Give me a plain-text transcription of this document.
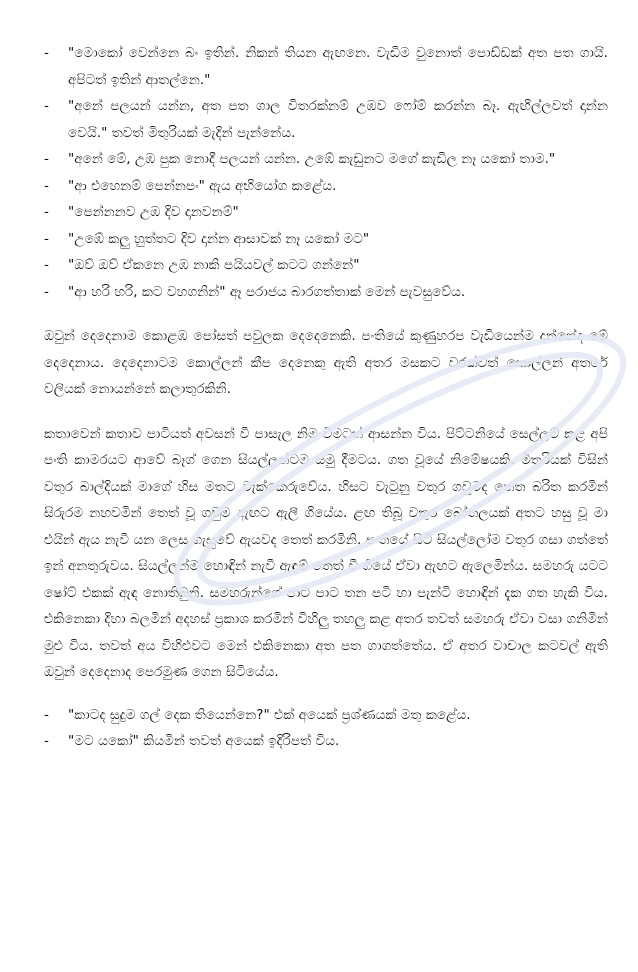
- "මොකෝ වෙන්නෙ බං ඉතින්. නිකන් තියන ඇඟනෙ. වැඩිම වුනොත් පොඩ්ඩක් අත පත ගායි. අපිටත් ඉතින් ආතල්නෙ."
- "අනේ පලයන් යන්න, අත පත ගාල විතරක්නම් උඹව ෆෝම් කරන්න බෑ. ඇඟිල්ලවත් දාන්න වෙයි." තවත් මිතුරියක් මැදින් පැන්නේය.
- "අනේ මේ, උඹ පුක නොදී පලයන් යන්න. උඹේ කැඩුනට මගේ කැඩිල නෑ යකෝ තාම."
- "ආ එහෙනම් පෙන්නපං" ඇය අභියෝග කළේය.
- "පෙන්නනව උඹ දිව දානවනම්"
- "උඹේ කලු හුත්තට දිව දාන්න ආසාවක් නෑ යකෝ මට"
- "ඔව් ඔව් ඒකනෙ උඹ නාකි පයියවල් කටට ගන්නේ"
- "ආ හරි හරි, කට වහගනින්" ඈ පරාජය බාරගත්තාක් මෙන් පැවසුවේය.

ඔවුන් දෙදෙනාම කොළඹ පෝසත් පවුලක දෙදෙනෙකි. පංතියේ කුණුහරප වැඩියෙන්ම දන්නේද මේ දෙදෙනාය. දෙදෙනාටම කොල්ලන් කීප දෙනෙකු ඇති අතර මසකට වරක්වත් කොල්ලන් අතරේ වලියක් නොයන්නේ කලාතුරකිනි.

කතාවෙන් කතාව පාටියත් අවසන් වී පාසැල නිම වීමටත් ආසන්න විය. පිට්ටනියේ සෙල්ලම් කළ අපි පංති කාමරයට ආවේ බෑග් ගෙන සියල්ලන්ටම සමු දීමටය. ගත වූයේ නිමේෂයකි. මිතුරියක් විසින් වතුර බාල්දියක් මාගේ හිස මතට වැක්කෙරුවේය. හිසට වැටුනු වතුර ගවුමද තෙත බරිත කරමින් සිරුරම නහවමින් තෙත් වූ ගවුම ඇඟට ඇලී ගියේය. ළඟ තිබූ වතුර බෝතලයක් අතට හසු වූ මා එයින් ඇය නැවී යන ලෙස ගැසුවේ ඇයවද තෙත් කරමිනි. පංතියේ සිටි සියල්ලෝම වතුර ගසා ගත්තේ ඉන් අනතුරුවය. සියල්ලන්ම හොඳින් නැවී ඇඳුම් තෙත් වී ගියේ ඒවා ඇඟට ඇලෙමින්ය. සමහරු යටට ෂෝට් එකක් ඇඳ නොතිබුනි. සමහරුන්ගේ පාට පාට තන පටි හා පැන්ටි හොඳින් දැක ගත හැකි විය. එකිනෙකා දිහා බලමින් අදහස් ප්‍රකාශ කරමින් විහිලු තහලු කළ අතර තවත් සමහරු ඒවා වසා ගනිමින් මුළු විය. තවත් අය විහිළුවට මෙන් එකිනෙකා අත පත ගාගත්තේය. ඒ අතර වාචාල කටවල් ඇති ඔවුන් දෙදෙනාද පෙරමුණ ගෙන සිටියේය.

- "කාටද සුදුම ගල් දෙක තියෙන්නෙ?" එක් අයෙක් ප්‍රශ්ණයක් මතු කළේය.
- "මට යකෝ" කියමින් තවත් අයෙක් ඉදිරිපත් විය.
